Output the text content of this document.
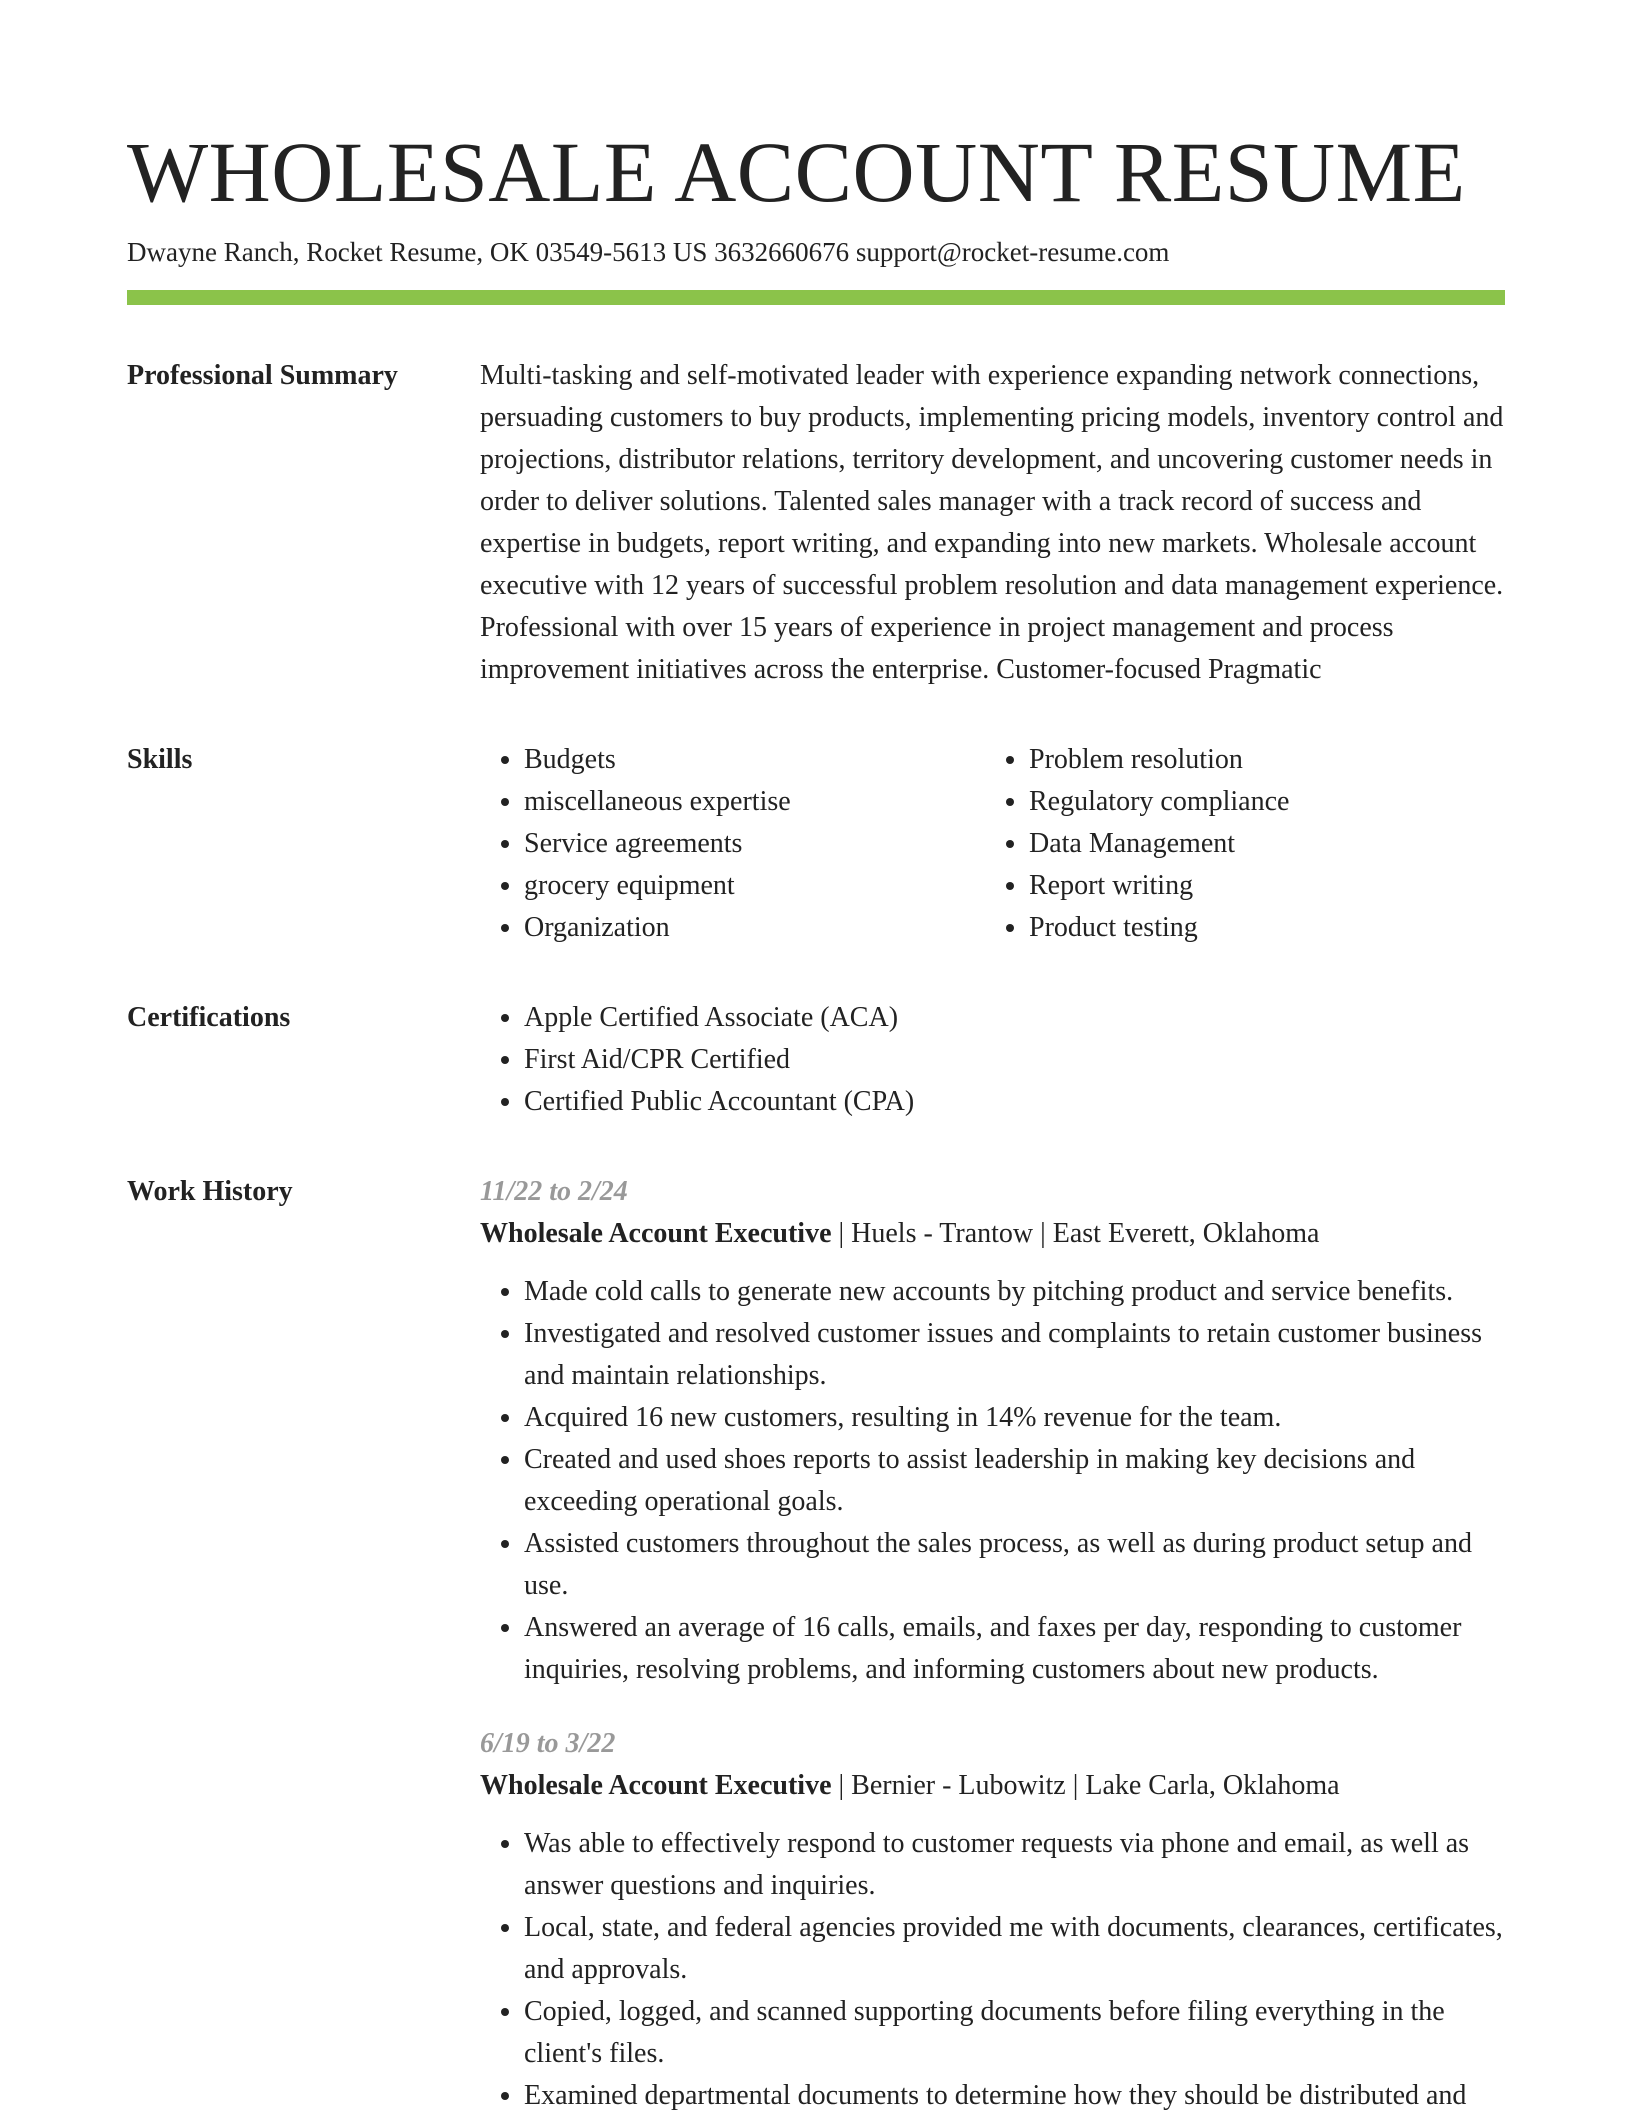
WHOLESALE ACCOUNT RESUME
Dwayne Ranch, Rocket Resume, OK 03549-5613 US 3632660676 support@rocket-resume.com
Professional Summary	Multi-tasking and self-motivated leader with experience expanding network connections, persuading customers to buy products, implementing pricing models, inventory control and projections, distributor relations, territory development, and uncovering customer needs in order to deliver solutions. Talented sales manager with a track record of success and expertise in budgets, report writing, and expanding into new markets. Wholesale account executive with 12 years of successful problem resolution and data management experience. Professional with over 15 years of experience in project management and process improvement initiatives across the enterprise. Customer-focused Pragmatic

Skills	• Budgets
• miscellaneous expertise
• Service agreements
• grocery equipment
• Organization
• Problem resolution
• Regulatory compliance
• Data Management
• Report writing
• Product testing
Certifications	• Apple Certified Associate (ACA)
• First Aid/CPR Certified
• Certified Public Accountant (CPA)
Work History	11/22 to 2/24
Wholesale Account Executive | Huels - Trantow | East Everett, Oklahoma
• Made cold calls to generate new accounts by pitching product and service benefits.
• Investigated and resolved customer issues and complaints to retain customer business and maintain relationships.
• Acquired 16 new customers, resulting in 14% revenue for the team.
• Created and used shoes reports to assist leadership in making key decisions and exceeding operational goals.
• Assisted customers throughout the sales process, as well as during product setup and use.
• Answered an average of 16 calls, emails, and faxes per day, responding to customer inquiries, resolving problems, and informing customers about new products.
6/19 to 3/22
Wholesale Account Executive | Bernier - Lubowitz | Lake Carla, Oklahoma
• Was able to effectively respond to customer requests via phone and email, as well as answer questions and inquiries.
• Local, state, and federal agencies provided me with documents, clearances, certificates, and approvals.
• Copied, logged, and scanned supporting documents before filing everything in the client's files.
• Examined departmental documents to determine how they should be distributed and
